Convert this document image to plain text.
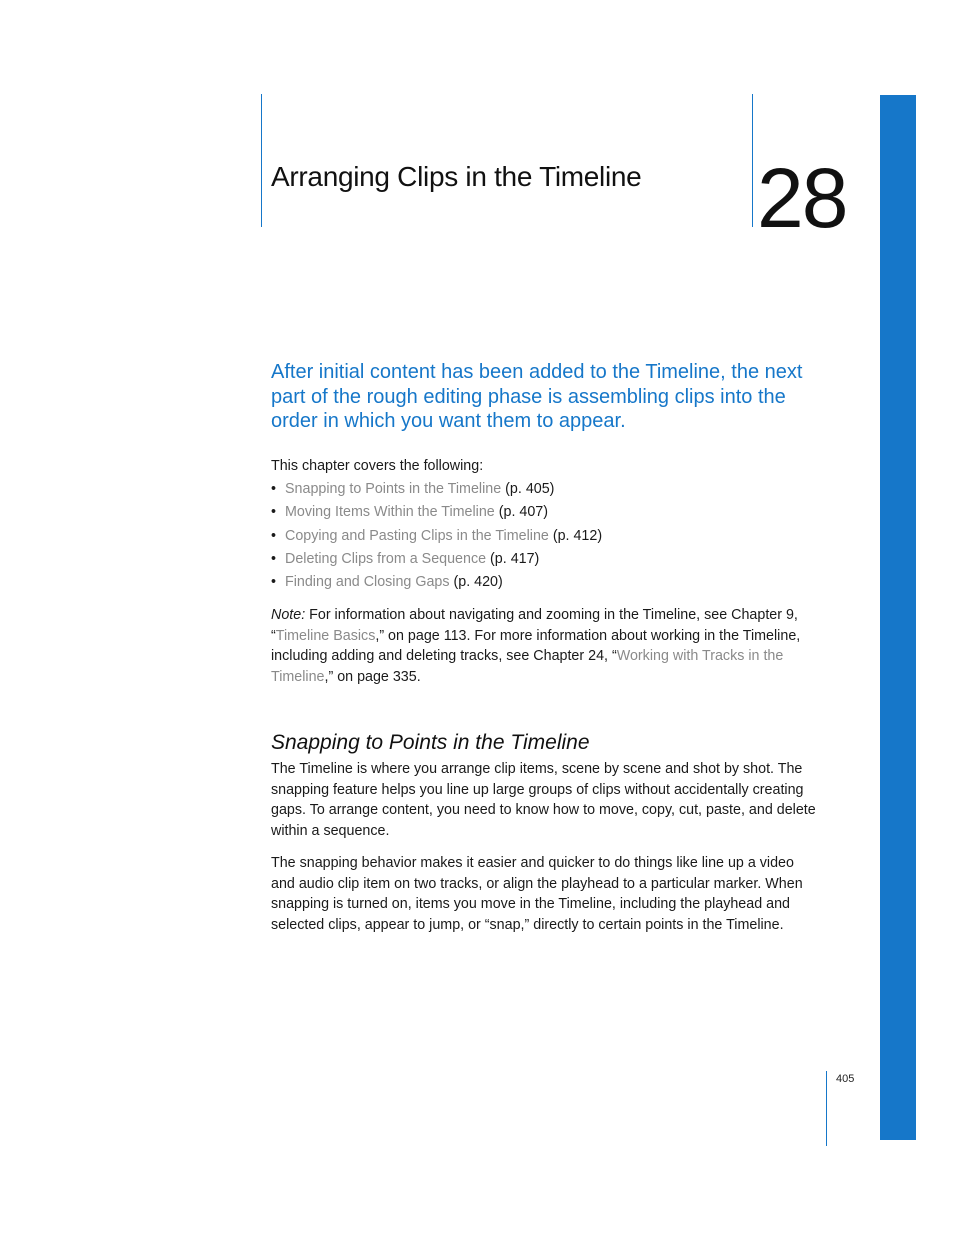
Arranging Clips in the Timeline 28

After initial content has been added to the Timeline, the next part of the rough editing phase is assembling clips into the order in which you want them to appear.

This chapter covers the following:

• Snapping to Points in the Timeline (p. 405)
• Moving Items Within the Timeline (p. 407)
• Copying and Pasting Clips in the Timeline (p. 412)
• Deleting Clips from a Sequence (p. 417)
• Finding and Closing Gaps (p. 420)

Note: For information about navigating and zooming in the Timeline, see Chapter 9, “Timeline Basics,” on page 113. For more information about working in the Timeline, including adding and deleting tracks, see Chapter 24, “Working with Tracks in the Timeline,” on page 335.

Snapping to Points in the Timeline

The Timeline is where you arrange clip items, scene by scene and shot by shot. The snapping feature helps you line up large groups of clips without accidentally creating gaps. To arrange content, you need to know how to move, copy, cut, paste, and delete within a sequence.

The snapping behavior makes it easier and quicker to do things like line up a video and audio clip item on two tracks, or align the playhead to a particular marker. When snapping is turned on, items you move in the Timeline, including the playhead and selected clips, appear to jump, or “snap,” directly to certain points in the Timeline.

405
